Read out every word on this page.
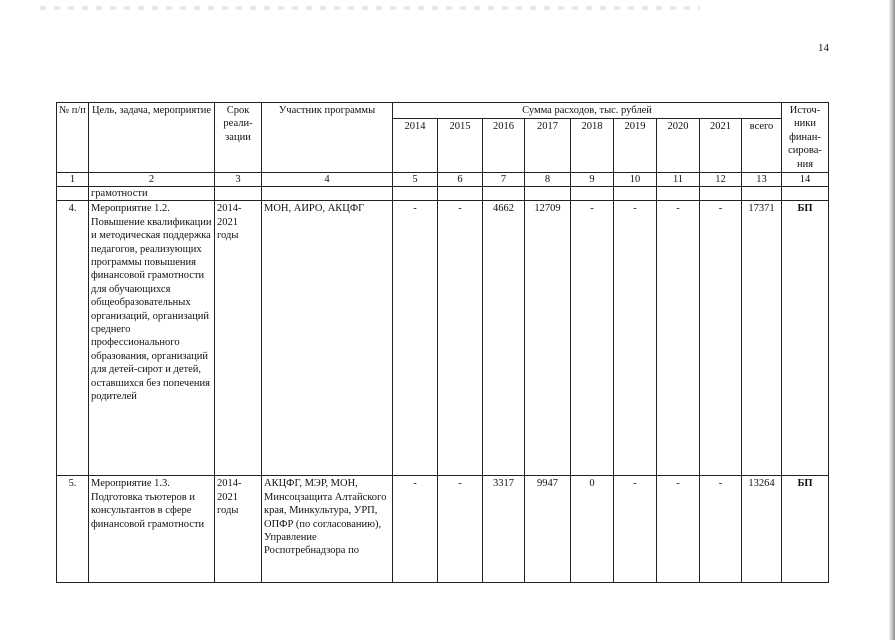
14
№ п/п	Цель, задача, мероприятие	Срок реали-зации	Участник программы	Сумма расходов, тыс. рублей									Источ-ники финан-сирова-ния
				2014	2015	2016	2017	2018	2019	2020	2021	всего	
1	2	3	4	5	6	7	8	9	10	11	12	13	14
	грамотности												
4.	Мероприятие 1.2. Повышение квалификации и методическая поддержка педагогов, реализующих программы повышения финансовой грамотности для обучающихся общеобразовательных организаций, организаций среднего профессионального образования, организаций для детей-сирот и детей, оставшихся без попечения родителей	2014-2021 годы	МОН, АИРО, АКЦФГ	-	-	4662	12709	-	-	-	-	17371	БП
5.	Мероприятие 1.3. Подготовка тьютеров и консультантов в сфере финансовой грамотности	2014-2021 годы	АКЦФГ, МЭР, МОН, Минсоцзащита Алтайского края, Минкультура, УРП, ОПФР (по согласованию), Управление Роспотребнадзора по	-	-	3317	9947	0	-	-	-	13264	БП
